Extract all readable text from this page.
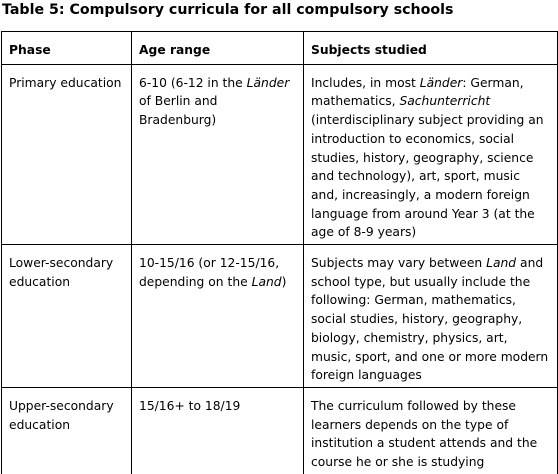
Table 5: Compulsory curricula for all compulsory schools
Phase	Age range	Subjects studied
Primary education	6-10 (6-12 in the Länder of Berlin and Bradenburg)	Includes, in most Länder: German, mathematics, Sachunterricht (interdisciplinary subject providing an introduction to economics, social studies, history, geography, science and technology), art, sport, music and, increasingly, a modern foreign language from around Year 3 (at the age of 8-9 years)
Lower-secondary education	10-15/16 (or 12-15/16, depending on the Land)	Subjects may vary between Land and school type, but usually include the following: German, mathematics, social studies, history, geography, biology, chemistry, physics, art, music, sport, and one or more modern foreign languages
Upper-secondary education	15/16+ to 18/19	The curriculum followed by these learners depends on the type of institution a student attends and the course he or she is studying
